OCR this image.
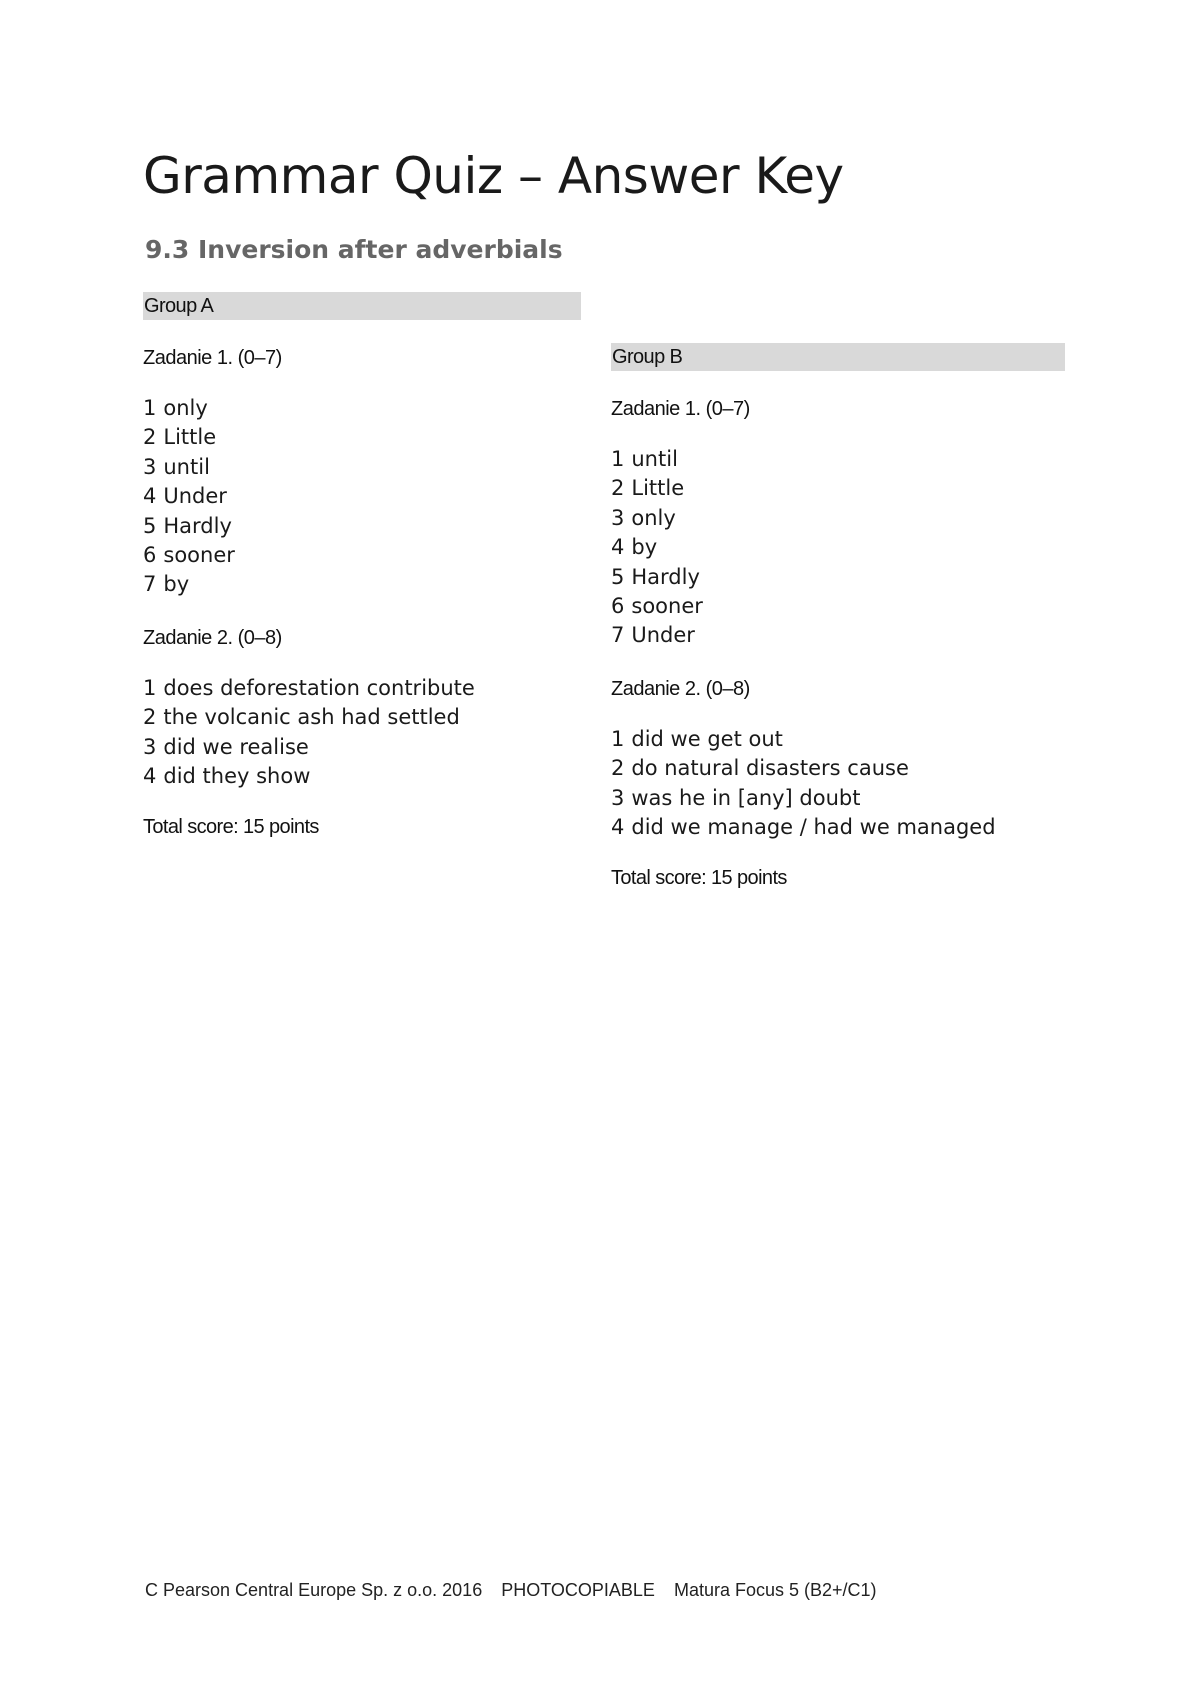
Grammar Quiz – Answer Key
9.3 Inversion after adverbials
Group A
Zadanie 1. (0–7)
1 only
2 Little
3 until
4 Under
5 Hardly
6 sooner
7 by
Zadanie 2. (0–8)
1 does deforestation contribute
2 the volcanic ash had settled
3 did we realise
4 did they show
Total score: 15 points
Group B
Zadanie 1. (0–7)
1 until
2 Little
3 only
4 by
5 Hardly
6 sooner
7 Under
Zadanie 2. (0–8)
1 did we get out
2 do natural disasters cause
3 was he in [any] doubt
4 did we manage / had we managed
Total score: 15 points
C Pearson Central Europe Sp. z o.o. 2016 PHOTOCOPIABLE Matura Focus 5 (B2+/C1)
